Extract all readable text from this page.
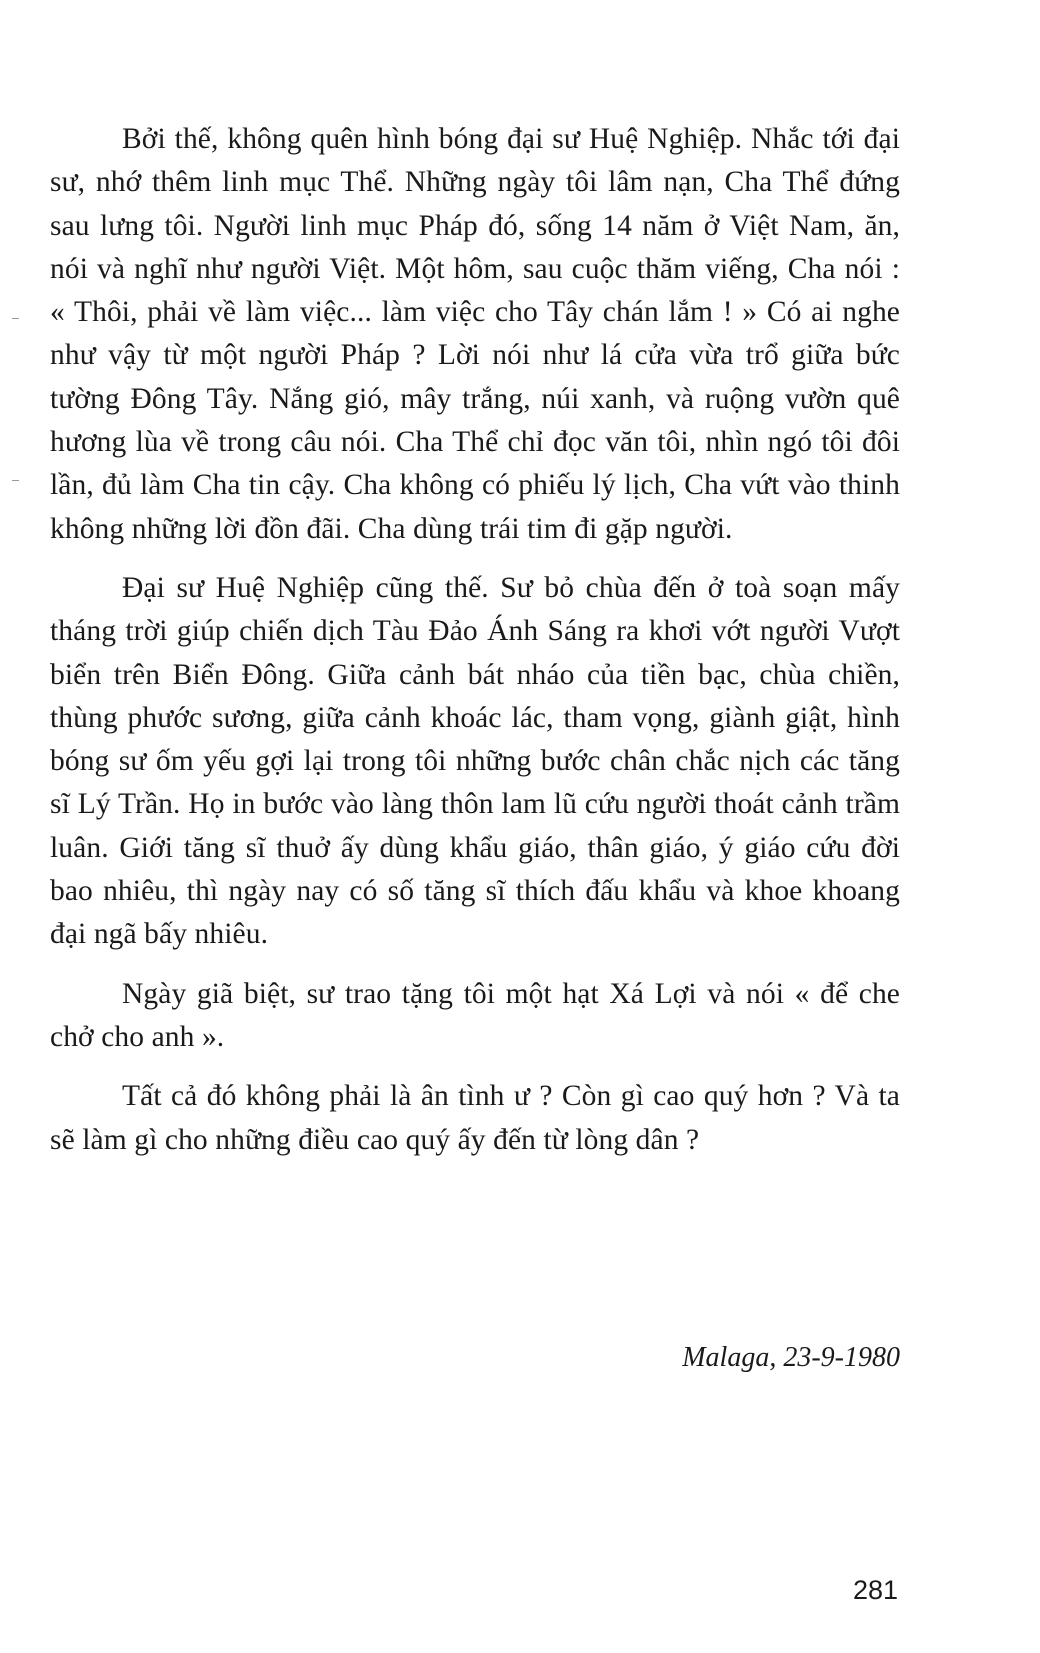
Bởi thế, không quên hình bóng đại sư Huệ Nghiệp. Nhắc tới đại sư, nhớ thêm linh mục Thể. Những ngày tôi lâm nạn, Cha Thể đứng sau lưng tôi. Người linh mục Pháp đó, sống 14 năm ở Việt Nam, ăn, nói và nghĩ như người Việt. Một hôm, sau cuộc thăm viếng, Cha nói : « Thôi, phải về làm việc... làm việc cho Tây chán lắm ! » Có ai nghe như vậy từ một người Pháp ? Lời nói như lá cửa vừa trổ giữa bức tường Đông Tây. Nắng gió, mây trắng, núi xanh, và ruộng vườn quê hương lùa về trong câu nói. Cha Thể chỉ đọc văn tôi, nhìn ngó tôi đôi lần, đủ làm Cha tin cậy. Cha không có phiếu lý lịch, Cha vứt vào thinh không những lời đồn đãi. Cha dùng trái tim đi gặp người.

Đại sư Huệ Nghiệp cũng thế. Sư bỏ chùa đến ở toà soạn mấy tháng trời giúp chiến dịch Tàu Đảo Ánh Sáng ra khơi vớt người Vượt biển trên Biển Đông. Giữa cảnh bát nháo của tiền bạc, chùa chiền, thùng phước sương, giữa cảnh khoác lác, tham vọng, giành giật, hình bóng sư ốm yếu gợi lại trong tôi những bước chân chắc nịch các tăng sĩ Lý Trần. Họ in bước vào làng thôn lam lũ cứu người thoát cảnh trầm luân. Giới tăng sĩ thuở ấy dùng khẩu giáo, thân giáo, ý giáo cứu đời bao nhiêu, thì ngày nay có số tăng sĩ thích đấu khẩu và khoe khoang đại ngã bấy nhiêu.

Ngày giã biệt, sư trao tặng tôi một hạt Xá Lợi và nói « để che chở cho anh ».

Tất cả đó không phải là ân tình ư ? Còn gì cao quý hơn ? Và ta sẽ làm gì cho những điều cao quý ấy đến từ lòng dân ?

Malaga, 23-9-1980
281
